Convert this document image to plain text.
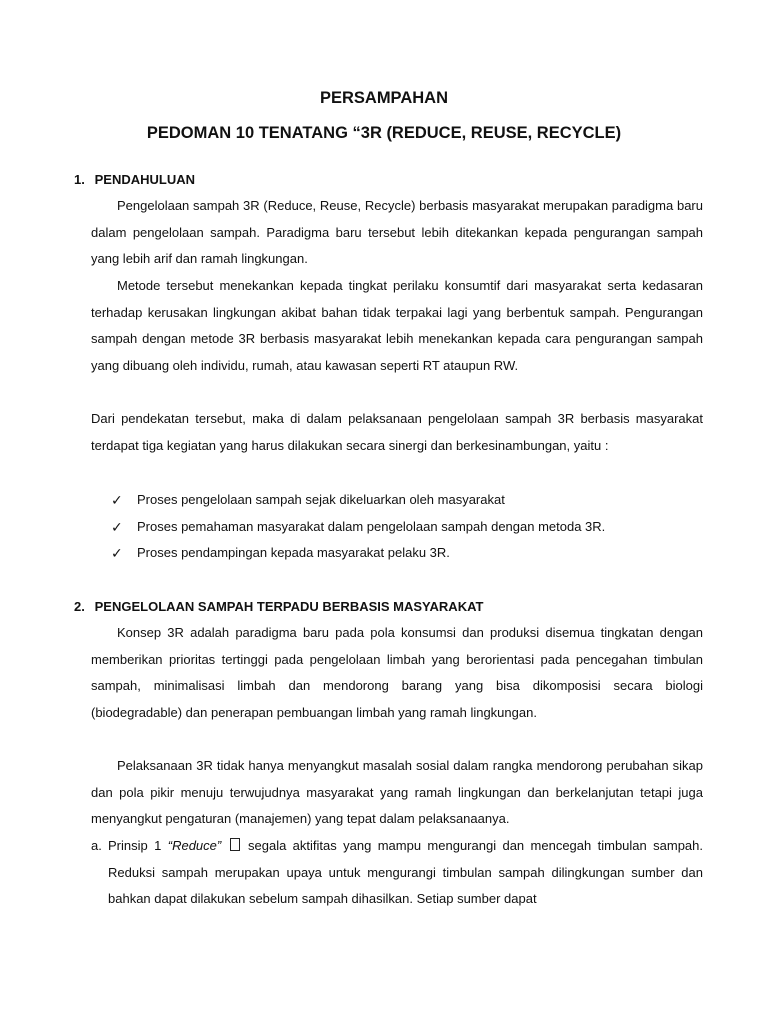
PERSAMPAHAN
PEDOMAN 10 TENATANG “3R (REDUCE, REUSE, RECYCLE)
1. PENDAHULUAN

Pengelolaan sampah 3R (Reduce, Reuse, Recycle) berbasis masyarakat merupakan paradigma baru dalam pengelolaan sampah. Paradigma baru tersebut lebih ditekankan kepada pengurangan sampah yang lebih arif dan ramah lingkungan.

Metode tersebut menekankan kepada tingkat perilaku konsumtif dari masyarakat serta kedasaran terhadap kerusakan lingkungan akibat bahan tidak terpakai lagi yang berbentuk sampah. Pengurangan sampah dengan metode 3R berbasis masyarakat lebih menekankan kepada cara pengurangan sampah yang dibuang oleh individu, rumah, atau kawasan seperti RT ataupun RW.

Dari pendekatan tersebut, maka di dalam pelaksanaan pengelolaan sampah 3R berbasis masyarakat terdapat tiga kegiatan yang harus dilakukan secara sinergi dan berkesinambungan, yaitu :

✓	Proses pengelolaan sampah sejak dikeluarkan oleh masyarakat
✓	Proses pemahaman masyarakat dalam pengelolaan sampah dengan metoda 3R.
✓	Proses pendampingan kepada masyarakat pelaku 3R.
2. PENGELOLAAN SAMPAH TERPADU BERBASIS MASYARAKAT

Konsep 3R adalah paradigma baru pada pola konsumsi dan produksi disemua tingkatan dengan memberikan prioritas tertinggi pada pengelolaan limbah yang berorientasi pada pencegahan timbulan sampah, minimalisasi limbah dan mendorong barang yang bisa dikomposisi secara biologi (biodegradable) dan penerapan pembuangan limbah yang ramah lingkungan.

Pelaksanaan 3R tidak hanya menyangkut masalah sosial dalam rangka mendorong perubahan sikap dan pola pikir menuju terwujudnya masyarakat yang ramah lingkungan dan berkelanjutan tetapi juga menyangkut pengaturan (manajemen) yang tepat dalam pelaksanaanya.

a. Prinsip 1 “Reduce” segala aktifitas yang mampu mengurangi dan mencegah timbulan sampah. Reduksi sampah merupakan upaya untuk mengurangi timbulan sampah dilingkungan sumber dan bahkan dapat dilakukan sebelum sampah dihasilkan. Setiap sumber dapat
